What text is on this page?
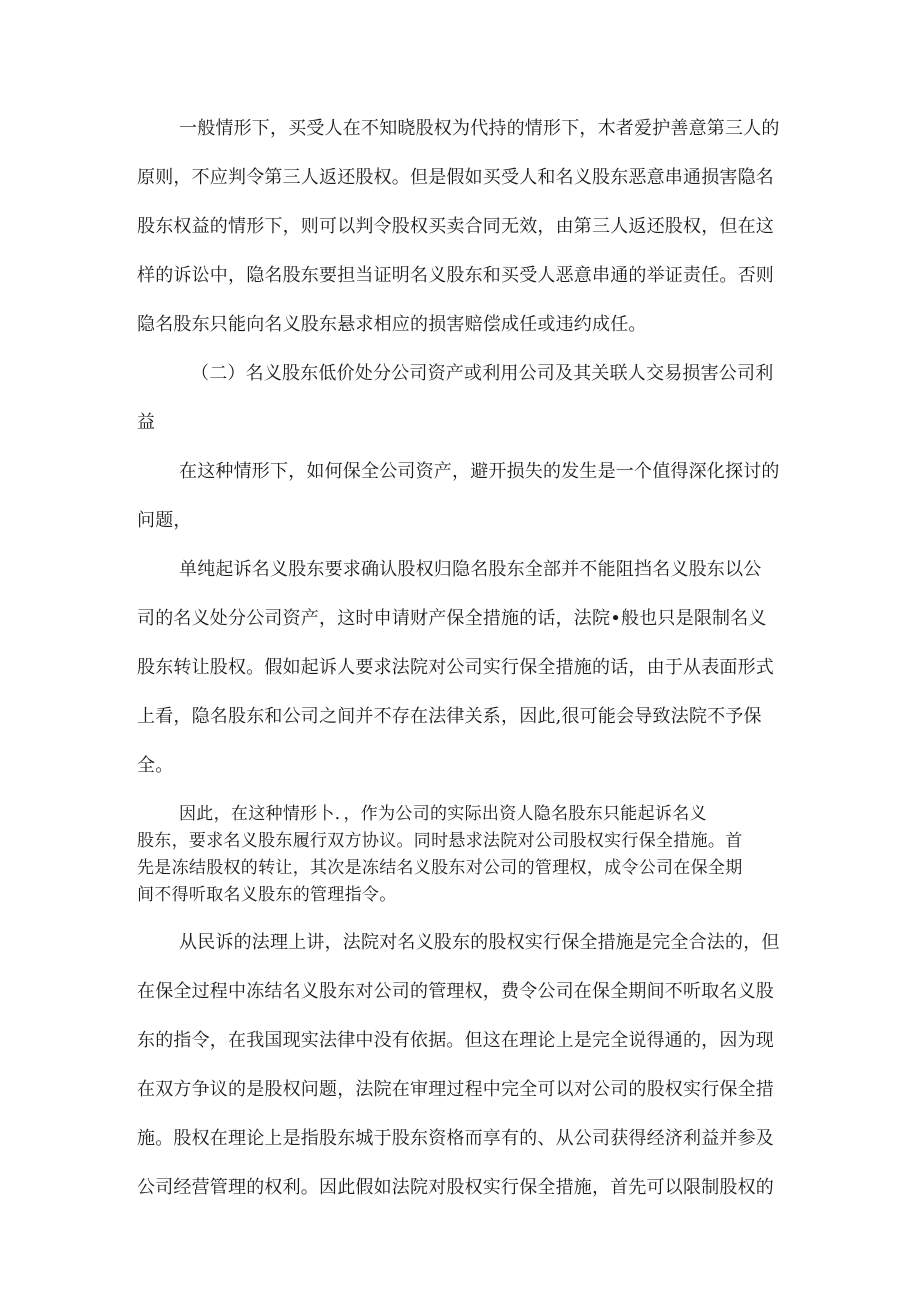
一般情形下，买受人在不知晓股权为代持的情形下，木者爱护善意第三人的
原则，不应判令第三人返还股权。但是假如买受人和名义股东恶意串通损害隐名
股东权益的情形下，则可以判令股权买卖合同无效，由第三人返还股权，但在这
样的诉讼中，隐名股东要担当证明名义股东和买受人恶意串通的举证责任。否则
隐名股东只能向名义股东悬求相应的损害赔偿成任或违约成任。
（二）名义股东低价处分公司资产或利用公司及其关联人交易损害公司利
益
在这种情形下，如何保全公司资产，避开损失的发生是一个值得深化探讨的
问题，
单纯起诉名义股东要求确认股权归隐名股东全部并不能阻挡名义股东以公
司的名义处分公司资产，这时申请财产保全措施的话，法院•般也只是限制名义
股东转让股权。假如起诉人要求法院对公司实行保全措施的话，由于从表面形式
上看，隐名股东和公司之间并不存在法律关系，因此,很可能会导致法院不予保
全。
因此，在这种情形卜．，作为公司的实际出资人隐名股东只能起诉名义
股东，要求名义股东履行双方协议。同时悬求法院对公司股权实行保全措施。首
先是冻结股权的转让，其次是冻结名义股东对公司的管理权，成令公司在保全期
间不得听取名义股东的管理指令。
从民诉的法理上讲，法院对名义股东的股权实行保全措施是完全合法的，但
在保全过程中冻结名义股东对公司的管理权，费令公司在保全期间不听取名义股
东的指令，在我国现实法律中没有依据。但这在理论上是完全说得通的，因为现
在双方争议的是股权问题，法院在审理过程中完全可以对公司的股权实行保全措
施。股权在理论上是指股东城于股东资格而享有的、从公司获得经济利益并参及
公司经营管理的权利。因此假如法院对股权实行保全措施，首先可以限制股权的
